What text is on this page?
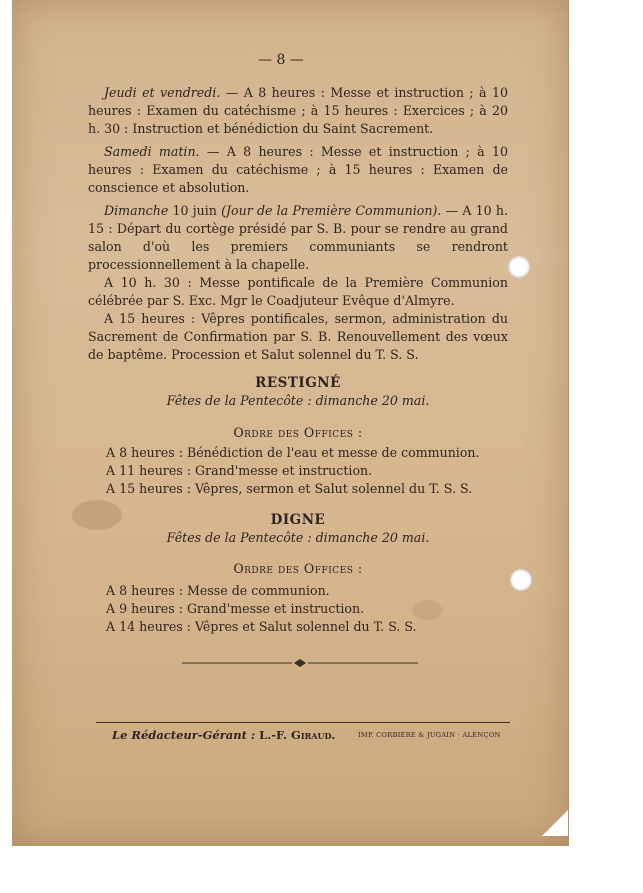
— 8 —

Jeudi et vendredi. — A 8 heures : Messe et instruction ; à 10 heures : Examen du catéchisme ; à 15 heures : Exercices ; à 20 h. 30 : Instruction et bénédiction du Saint Sacrement.

Samedi matin. — A 8 heures : Messe et instruction ; à 10 heures : Examen du catéchisme ; à 15 heures : Examen de conscience et absolution.

Dimanche 10 juin (Jour de la Première Communion). — A 10 h. 15 : Départ du cortège présidé par S. B. pour se rendre au grand salon d'où les premiers communiants se rendront processionnellement à la chapelle.

A 10 h. 30 : Messe pontificale de la Première Communion célébrée par S. Exc. Mgr le Coadjuteur Evêque d'Almyre.

A 15 heures : Vêpres pontificales, sermon, administration du Sacrement de Confirmation par S. B. Renouvellement des vœux de baptême. Procession et Salut solennel du T. S. S.

RESTIGNÉ

Fêtes de la Pentecôte : dimanche 20 mai.

Ordre des Offices :

A 8 heures : Bénédiction de l'eau et messe de communion.

A 11 heures : Grand'messe et instruction.

A 15 heures : Vêpres, sermon et Salut solennel du T. S. S.

DIGNE

Fêtes de la Pentecôte : dimanche 20 mai.

Ordre des Offices :

A 8 heures : Messe de communion.

A 9 heures : Grand'messe et instruction.

A 14 heures : Vêpres et Salut solennel du T. S. S.

Le Rédacteur-Gérant : L.-F. Giraud.	IMP. CORBIÈRE & JUGAIN · ALENÇON
